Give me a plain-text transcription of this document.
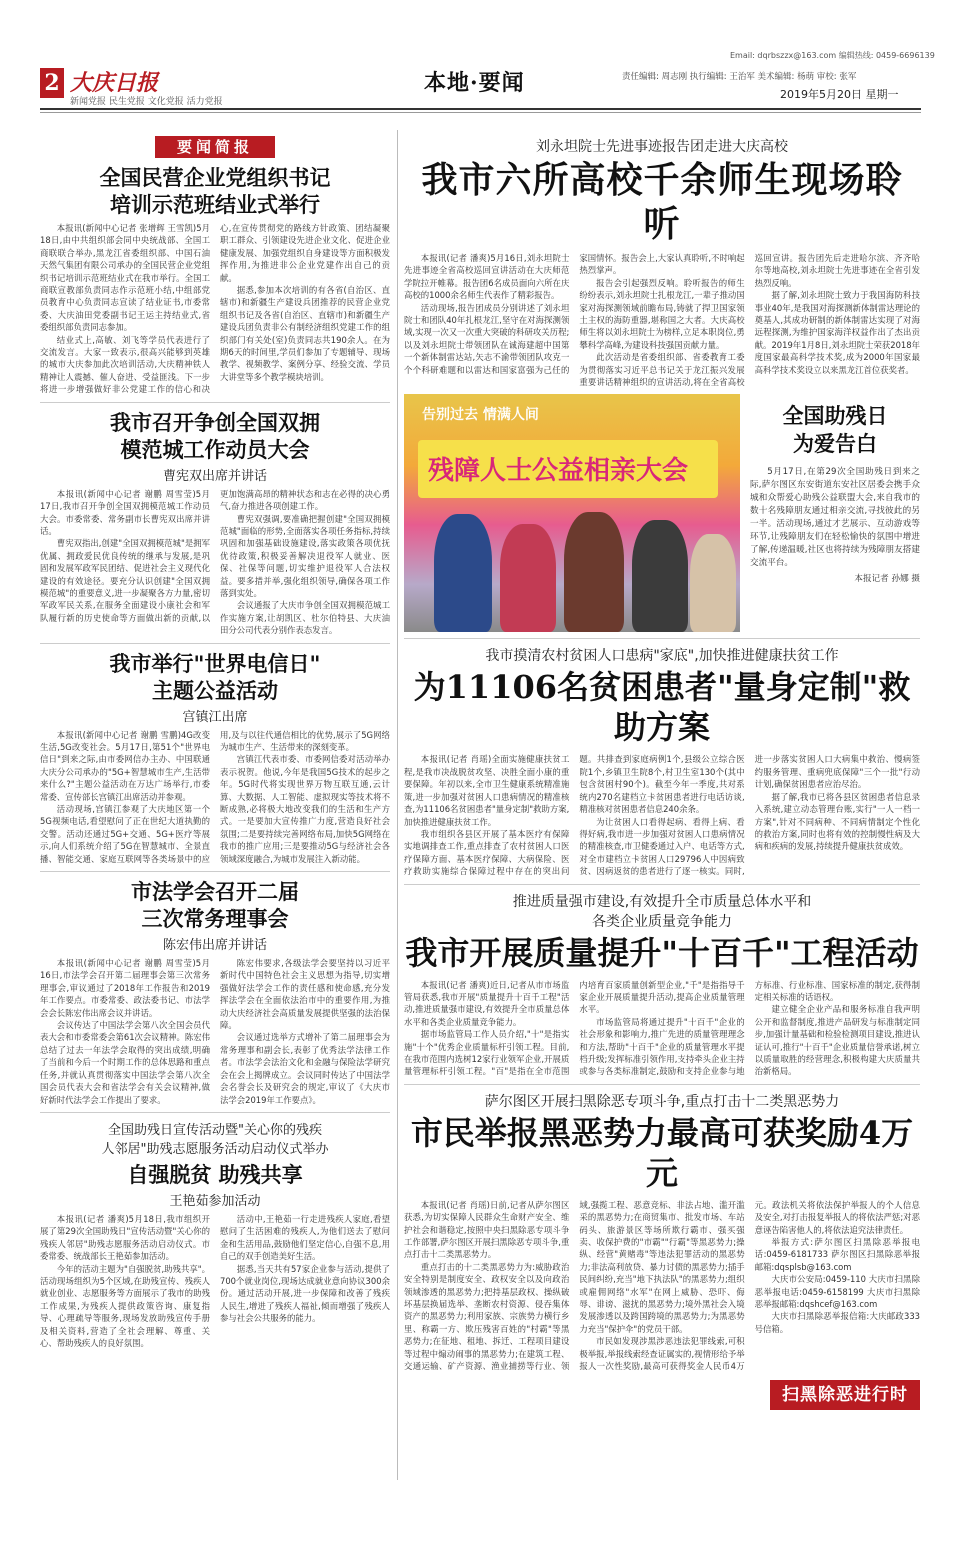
2 大庆日报
新闻党报 民生党报 文化党报 活力党报
本地·要闻
Email: dqrbszzx@163.com 编辑热线: 0459-6696139
责任编辑: 周志刚 执行编辑: 王治军 美术编辑: 杨萌 审校: 张军
2019年5月20日 星期一
要闻简报
全国民营企业党组织书记
培训示范班结业式举行

本报讯(新闻中心记者 张增辉 王雪凯)5月18日,由中共组织部会同中央统战部、全国工商联联合举办,黑龙江省委组织部、中国石油天然气集团有限公司承办的全国民营企业党组织书记培训示范班结业式在我市举行。全国工商联宣教部负责同志作示范班小结,中组部党员教育中心负责同志宣读了结业证书,市委常委、大庆油田党委副书记王运主持结业式,省委组织部负责同志参加。

结业式上,高敏、刘飞等学员代表进行了交流发言。大家一致表示,很高兴能够到英雄的城市大庆参加此次培训活动,大庆精神铁人精神让人震撼、催人奋进、受益匪浅。下一步将进一步增强做好非公党建工作的信心和决心,在宣传贯彻党的路线方针政策、团结凝聚职工群众、引领建设先进企业文化、促进企业健康发展、加强党组织自身建设等方面积极发挥作用,为推进非公企业党建作出自己的贡献。

据悉,参加本次培训的有各省(自治区、直辖市)和新疆生产建设兵团推荐的民营企业党组织书记及各省(自治区、直辖市)和新疆生产建设兵团负责非公有制经济组织党建工作的组织部门有关处(室)负责同志共190余人。在为期6天的时间里,学员们参加了专题辅导、现场教学、视频教学、案例分享、经验交流、学员大讲堂等多个教学模块培训。

我市召开争创全国双拥
模范城工作动员大会
曹宪双出席并讲话

本报讯(新闻中心记者 谢鹏 周雪莹)5月17日,我市召开争创全国双拥模范城工作动员大会。市委常委、常务副市长曹宪双出席并讲话。

曹宪双指出,创建"全国双拥模范城"是拥军优属、拥政爱民优良传统的继承与发展,是巩固和发展军政军民团结、促进社会主义现代化建设的有效途径。要充分认识创建"全国双拥模范城"的重要意义,进一步凝聚各方力量,密切军政军民关系,在服务全面建设小康社会和军队履行新的历史使命等方面做出新的贡献,以更加饱满高昂的精神状态和志在必得的决心勇气,奋力推进各项创建工作。

曹宪双强调,要准确把握创建"全国双拥模范城"面临的形势,全面落实各项任务指标,持续巩固和加强基础设施建设,落实政策各项优抚优待政策,积极妥善解决退役军人就业、医保、社保等问题,切实维护退役军人合法权益。要多措并举,强化组织领导,确保各项工作落到实处。

会议通报了大庆市争创全国双拥模范城工作实施方案,让胡凯区、杜尔伯特县、大庆油田分公司代表分别作表态发言。

我市举行"世界电信日"
主题公益活动
宫镇江出席

本报讯(新闻中心记者 谢鹏 雪鹏)4G改变生活,5G改变社会。5月17日,第51个"世界电信日"到来之际,由市委网信办主办、中国联通大庆分公司承办的"5G+智慧城市生产,生活带来什么?"主题公益活动在万达广场举行,市委常委、宣传部长宫镇江出席活动并参观。

活动现场,宫镇江参观了大庆地区第一个5G视频电话,看望慰问了正在世纪大道执勤的交警。活动还通过5G+交通、5G+医疗等展示,向人们系统介绍了5G在智慧城市、全景直播、智能交通、家庭互联网等各类场景中的应用,及与以往代通信相比的优势,展示了5G网络为城市生产、生活带来的深刻变革。

宫镇江代表市委、市委网信委对活动举办表示祝贺。他说,今年是我国5G技术的起步之年。5G时代将实现世界万物互联互通,云计算、大数据、人工智能、虚拟现实等技术将不断成熟,必将极大地改变我们的生活和生产方式。一是要加大宣传推广力度,营造良好社会氛围;二是要持续完善网络布局,加快5G网络在我市的推广应用;三是要推动5G与经济社会各领域深度融合,为城市发展注入新动能。

市法学会召开二届
三次常务理事会
陈宏伟出席并讲话

本报讯(新闻中心记者 谢鹏 周雪莹)5月16日,市法学会召开第二届理事会第三次常务理事会,审议通过了2018年工作报告和2019年工作要点。市委常委、政法委书记、市法学会会长陈宏伟出席会议并讲话。

会议传达了中国法学会第八次全国会员代表大会和市委常委会第61次会议精神。陈宏伟总结了过去一年法学会取得的突出成绩,明确了当前和今后一个时期工作的总体思路和重点任务,并就认真贯彻落实中国法学会第八次全国会员代表大会和省法学会有关会议精神,做好新时代法学会工作提出了要求。

陈宏伟要求,各级法学会要坚持以习近平新时代中国特色社会主义思想为指导,切实增强做好法学会工作的责任感和使命感,充分发挥法学会在全面依法治市中的重要作用,为推动大庆经济社会高质量发展提供坚强的法治保障。

会议通过选举方式增补了第二届理事会为常务理事和副会长,表彰了优秀法学法律工作者。市法学会法治文化和金融与保险法学研究会在会上揭牌成立。会议同时传达了中国法学会名誉会长及研究会的规定,审议了《大庆市法学会2019年工作要点》。

全国助残日宣传活动暨"关心你的残疾
人邻居"助残志愿服务活动启动仪式举办
自强脱贫 助残共享
王艳茹参加活动

本报讯(记者 潘爽)5月18日,我市组织开展了第29次全国助残日"宣传活动暨"关心你的残疾人邻居"助残志愿服务活动启动仪式。市委常委、统战部长王艳茹参加活动。

今年的活动主题为"自强脱贫,助残共享"。活动现场组织为5个区域,在助残宣传、残疾人就业创业、志愿服务等方面展示了我市的助残工作成果,为残疾人提供政策咨询、康复指导、心理疏导等服务,现场发放助残宣传手册及相关资料,营造了全社会理解、尊重、关心、帮助残疾人的良好氛围。

活动中,王艳茹一行走进残疾人家庭,看望慰问了生活困难的残疾人,为他们送去了慰问金和生活用品,鼓励他们坚定信心,自强不息,用自己的双手创造美好生活。

据悉,当天共有57家企业参与活动,提供了700个就业岗位,现场达成就业意向协议300余份。通过活动开展,进一步保障和改善了残疾人民生,增进了残疾人福祉,倾而增强了残疾人参与社会公共服务的能力。

刘永坦院士先进事迹报告团走进大庆高校
我市六所高校千余师生现场聆听

本报讯(记者 潘爽)5月16日,刘永坦院士先进事迹全省高校巡回宣讲活动在大庆师范学院拉开帷幕。报告团6名成员面向六所在庆高校的1000余名师生代表作了精彩报告。

活动现场,报告团成员分别讲述了刘永坦院士和团队40年扎根龙江,坚守在对海探测领域,实现一次又一次重大突破的科研攻关历程;以及刘永坦院士带领团队在诚海建超中国第一个新体制雷达站,矢志不渝带领团队攻克一个个科研难题和以雷达和国家富强为己任的家国情怀。报告会上,大家认真聆听,不时响起热烈掌声。

报告会引起强烈反响。聆听报告的师生纷纷表示,刘永坦院士扎根龙江,一辈子推动国家对海探测领域前瞻布局,铸就了捍卫国家领土主权的海防重器,堪称国之大者。大庆高校师生将以刘永坦院士为榜样,立足本职岗位,勇攀科学高峰,为建设科技强国贡献力量。

此次活动是省委组织部、省委教育工委为贯彻落实习近平总书记关于龙江振兴发展重要讲话精神组织的宣讲活动,将在全省高校巡回宣讲。报告团先后走进哈尔滨、齐齐哈尔等地高校,刘永坦院士先进事迹在全省引发热烈反响。

据了解,刘永坦院士致力于我国海防科技事业40年,是我国对海探测新体制雷达理论的奠基人,其成功研制的新体制雷达实现了对海远程探测,为维护国家海洋权益作出了杰出贡献。2019年1月8日,刘永坦院士荣获2018年度国家最高科学技术奖,成为2000年国家最高科学技术奖设立以来黑龙江首位获奖者。

告别过去 情满人间
残障人士公益相亲大会
全国助残日
为爱告白

5月17日,在第29次全国助残日到来之际,萨尔图区东安街道东安社区居委会携手众城和众帮爱心助残公益联盟大会,来自我市的数十名残障朋友通过相亲交流,寻找彼此的另一半。活动现场,通过才艺展示、互动游戏等环节,让残障朋友们在轻松愉快的氛围中增进了解,传递温暖,社区也将持续为残障朋友搭建交流平台。

本报记者 孙娜 摄
我市摸清农村贫困人口患病"家底",加快推进健康扶贫工作
为11106名贫困患者"量身定制"救助方案

本报讯(记者 肖瑶)全面实施健康扶贫工程,是我市决战脱贫攻坚、决胜全面小康的重要保障。年初以来,全市卫生健康系统精准施策,进一步加强对贫困人口患病情况的精准核查,为11106名贫困患者"量身定制"救助方案,加快推进健康扶贫工作。

我市组织各县区开展了基本医疗有保障实地调排查工作,重点排查了农村贫困人口医疗保障方面、基本医疗保障、大病保险、医疗救助实施综合保障过程中存在的突出问题。共排查到家庭病例1个,县级公立综合医院1个,乡镇卫生院8个,村卫生室130个(其中包含贫困村90个)。截至今年一季度,共对系统内270名建档立卡贫困患者进行电话访谈,精准核对贫困患者信息240余条。

为让贫困人口看得起病、看得上病、看得好病,我市进一步加强对贫困人口患病情况的精准核查,市卫健委通过入户、电话等方式,对全市建档立卡贫困人口29796人中因病致贫、因病返贫的患者进行了逐一核实。同时,进一步落实贫困人口大病集中救治、慢病签约服务管理、重病兜底保障"三个一批"行动计划,确保贫困患者应治尽治。

据了解,我市已将各县区贫困患者信息录入系统,建立动态管理台账,实行"一人一档一方案",针对不同病种、不同病情制定个性化的救治方案,同时也将有效的控制慢性病及大病和疾病的发展,持续提升健康扶贫成效。

推进质量强市建设,有效提升全市质量总体水平和
各类企业质量竞争能力
我市开展质量提升"十百千"工程活动

本报讯(记者 潘爽)近日,记者从市市场监管局获悉,我市开展"质量提升十百千工程"活动,推进质量强市建设,有效提升全市质量总体水平和各类企业质量竞争能力。

据市场监管局工作人员介绍,"十"是指实施"十个"优秀企业质量标杆引领工程。目前,在我市范围内选树12家行业领军企业,开展质量管理标杆引领工程。"百"是指在全市范围内培育百家质量创新型企业,"千"是指指导千家企业开展质量提升活动,提高企业质量管理水平。

市场监管局将通过提升"十百千"企业的社会形象和影响力,推广先进的质量管理理念和方法,帮助"十百千"企业的质量管理水平提档升级;发挥标准引领作用,支持牵头企业主持或参与各类标准制定,鼓励和支持企业参与地方标准、行业标准、国家标准的制定,获得制定相关标准的话语权。

建立健全企业产品和服务标准自我声明公开和监督制度,推进产品研发与标准制定同步,加强计量基础和检验检测项目建设,推进认证认可,推行"十百千"企业质量信誉承诺,树立以质量取胜的经营理念,积极构建大庆质量共治新格局。

萨尔图区开展扫黑除恶专项斗争,重点打击十二类黑恶势力
市民举报黑恶势力最高可获奖励4万元

本报讯(记者 肖瑶)日前,记者从萨尔图区获悉,为切实保障人民群众生命财产安全、维护社会和谐稳定,按照中央扫黑除恶专项斗争工作部署,萨尔图区开展扫黑除恶专项斗争,重点打击十二类黑恶势力。

重点打击的十二类黑恶势力为:威胁政治安全特别是制度安全、政权安全以及向政治领域渗透的黑恶势力;把持基层政权、操纵破坏基层换届选举、垄断农村资源、侵吞集体资产的黑恶势力;利用家族、宗族势力横行乡里、称霸一方、欺压残害百姓的"村霸"等黑恶势力;在征地、租地、拆迁、工程项目建设等过程中煽动闹事的黑恶势力;在建筑工程、交通运输、矿产资源、渔业捕捞等行业、领域,强揽工程、恶意竞标、非法占地、滥开滥采的黑恶势力;在商贸集市、批发市场、车站码头、旅游景区等场所欺行霸市、强买强卖、收保护费的"市霸""行霸"等黑恶势力;操纵、经营"黄赌毒"等违法犯罪活动的黑恶势力;非法高利放贷、暴力讨债的黑恶势力;插手民间纠纷,充当"地下执法队"的黑恶势力;组织或雇佣网络"水军"在网上威胁、恐吓、侮辱、诽谤、滋扰的黑恶势力;境外黑社会入境发展渗透以及跨国跨境的黑恶势力;为黑恶势力充当"保护伞"的党员干部。

市民如发现涉黑涉恶违法犯罪线索,可积极举报,举报线索经查证属实的,视情形给予举报人一次性奖励,最高可获得奖金人民币4万元。政法机关将依法保护举报人的个人信息及安全,对打击报复举报人的将依法严惩;对恶意诬告陷害他人的,将依法追究法律责任。

举报方式:萨尔图区扫黑除恶举报电话:0459-6181733 萨尔图区扫黑除恶举报邮箱:dqsplsb@163.com

大庆市公安局:0459-110 大庆市扫黑除恶举报电话:0459-6158199 大庆市扫黑除恶举报邮箱:dqshcef@163.com

大庆市扫黑除恶举报信箱:大庆邮政333号信箱。

扫黑除恶进行时
